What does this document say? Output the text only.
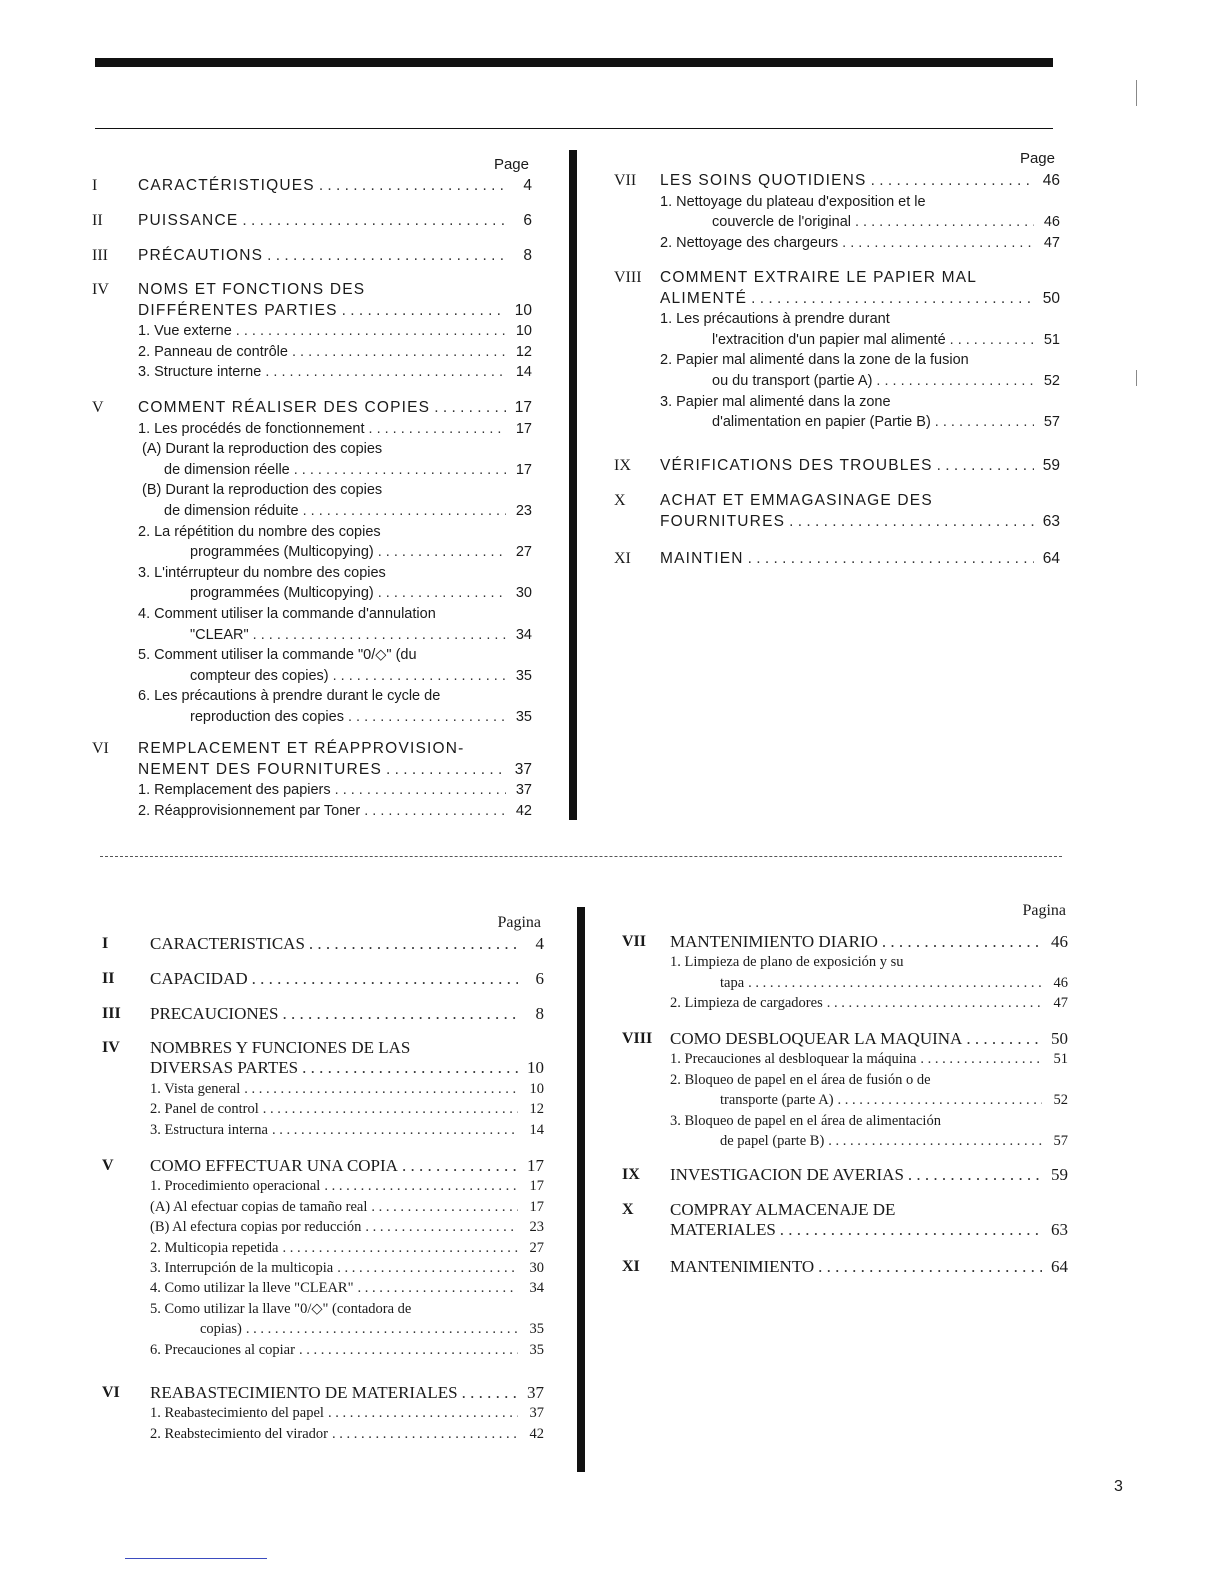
Page	Page
I	CARACTÉRISTIQUES . . .	4
II PUISSANCE . . .	6
III PRÉCAUTIONS . . .	8
IV NOMS ET FONCTIONS DES
DIFFÉRENTES PARTIES . . .	10
1. Vue externe . . .	10
2. Panneau de contrôle . . .	12
3. Structure interne . . .	14
V COMMENT RÉALISER DES COPIES . . .	17
1. Les procédés de fonctionnement . . .	17
(A) Durant la reproduction des copies
de dimension réelle . . .	17
(B) Durant la reproduction des copies
de dimension réduite . . .	23
2. La répétition du nombre des copies
programmées (Multicopying) . . .	27
3. L'intérrupteur du nombre des copies
programmées (Multicopying) . . .	30
4. Comment utiliser la commande d'annulation
"CLEAR" . . .	34
5. Comment utiliser la commande "0/◇" (du
compteur des copies) . . .	35
6. Les précautions à prendre durant le cycle de
reproduction des copies . . .	35
VI REMPLACEMENT ET RÉAPPROVISION-
NEMENT DES FOURNITURES . . .	37
1. Remplacement des papiers . . .	37
2. Réapprovisionnement par Toner . . .	42
VII LES SOINS QUOTIDIENS . . .	46
1. Nettoyage du plateau d'exposition et le
couvercle de l'original . . .	46
2. Nettoyage des chargeurs . . .	47
VIII COMMENT EXTRAIRE LE PAPIER MAL
ALIMENTÉ . . .	50
1. Les précautions à prendre durant
l'extracition d'un papier mal alimenté . . .	51
2. Papier mal alimenté dans la zone de la fusion
ou du transport (partie A) . . .	52
3. Papier mal alimenté dans la zone
d'alimentation en papier (Partie B) . . .	57
IX VÉRIFICATIONS DES TROUBLES . . .	59
X ACHAT ET EMMAGASINAGE DES
FOURNITURES . . .	63
XI MAINTIEN . . .	64
Pagina
Pagina
I CARACTERISTICAS . . .	4
II CAPACIDAD . . .	6
III PRECAUCIONES . . .	8
IV NOMBRES Y FUNCIONES DE LAS
DIVERSAS PARTES . . .	10
1. Vista general . . .	10
2. Panel de control . . .	12
3. Estructura interna . . .	14
V COMO EFFECTUAR UNA COPIA . . .	17
1. Procedimiento operacional . . .	17
(A) Al efectuar copias de tamaño real . . .	17
(B) Al efectura copias por reducción . . .	23
2. Multicopia repetida . . .	27
3. Interrupción de la multicopia . . .	30
4. Como utilizar la lleve "CLEAR" . . .	34
5. Como utilizar la llave "0/◇" (contadora de
copias) . . .	35
6. Precauciones al copiar . . .	35
VI REABASTECIMIENTO DE MATERIALES . . .	37
1. Reabastecimiento del papel . . .	37
2. Reabstecimiento del virador . . .	42
VII MANTENIMIENTO DIARIO . . .	46
1. Limpieza de plano de exposición y su
tapa . . .	46
2. Limpieza de cargadores . . .	47
VIII COMO DESBLOQUEAR LA MAQUINA . . .	50
1. Precauciones al desbloquear la máquina . . .	51
2. Bloqueo de papel en el área de fusión o de
transporte (parte A) . . .	52
3. Bloqueo de papel en el área de alimentación
de papel (parte B) . . .	57
IX INVESTIGACION DE AVERIAS . . .	59
X COMPRAY ALMACENAJE DE
MATERIALES . . .	63
XI MANTENIMIENTO . . .	64
3
